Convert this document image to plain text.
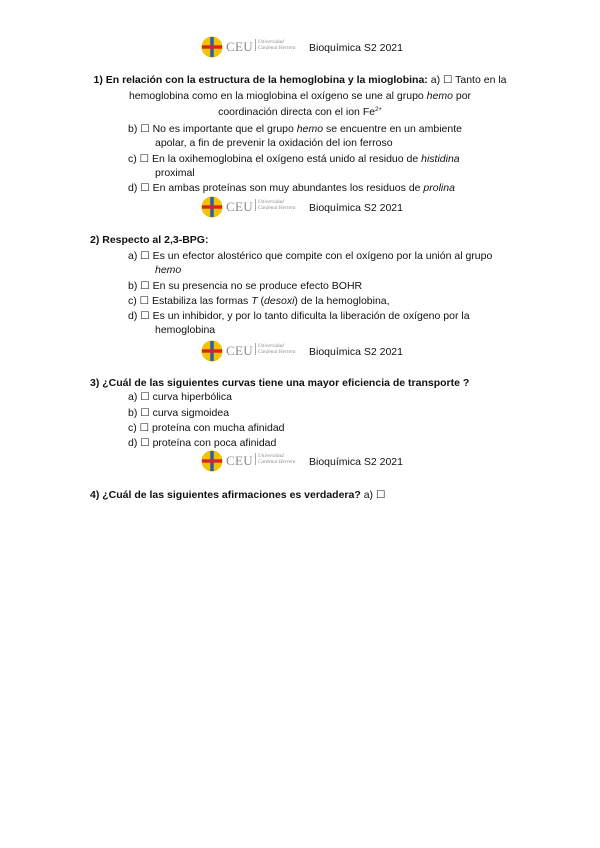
CEU Universidad
Cardenal Herrera	Bioquímica S2 2021
1) En relación con la estructura de la hemoglobina y la mioglobina: a) ☐ Tanto en la
hemoglobina como en la mioglobina el oxígeno se une al grupo hemo por
coordinación directa con el ion $Fe^{2+}$
b) ☐ No es importante que el grupo hemo se encuentre en un ambiente
apolar, a fin de prevenir la oxidación del ion ferroso
c) ☐ En la oxihemoglobina el oxígeno está unido al residuo de histidina
proximal
d) ☐ En ambas proteínas son muy abundantes los residuos de prolina
CEU Universidad
Cardenal Herrera	Bioquímica S2 2021
2) Respecto al 2,3-BPG:
a) ☐ Es un efector alostérico que compite con el oxígeno por la unión al grupo
hemo
b) ☐ En su presencia no se produce efecto BOHR
c) ☐ Estabiliza las formas T (desoxi) de la hemoglobina,
d) ☐ Es un inhibidor, y por lo tanto dificulta la liberación de oxígeno por la
hemoglobina
CEU Universidad
Cardenal Herrera	Bioquímica S2 2021
3) ¿Cuál de las siguientes curvas tiene una mayor eficiencia de transporte ?
a) ☐ curva hiperbólica
b) ☐ curva sigmoidea
c) ☐ proteína con mucha afinidad
d) ☐ proteína con poca afinidad
CEU Universidad
Cardenal Herrera	Bioquímica S2 2021
4) ¿Cuál de las siguientes afirmaciones es verdadera? a) ☐
